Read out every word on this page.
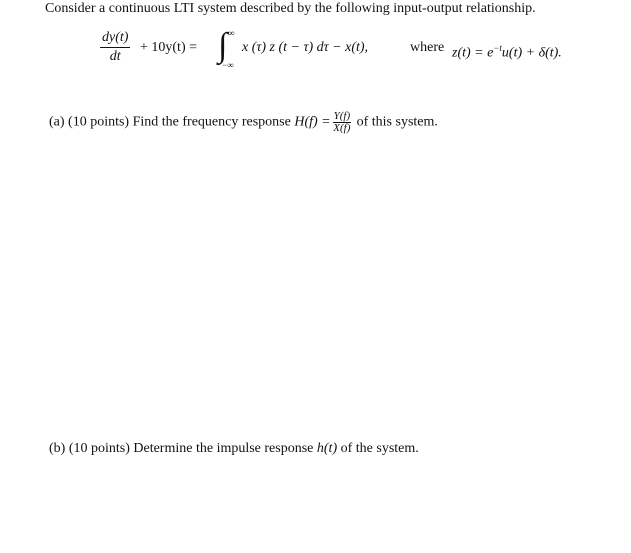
Consider a continuous LTI system described by the following input-output relationship.
$\frac{dy(t)}{dt} + 10y(t)$ = ∫ ∞
−∞
x (τ) z (t − τ) dτ − x(t),	where $z(t) = e^{-t}u(t) + \delta(t)$.
(a) (10 points) Find the frequency response $H(f) = \frac{Y(f)}{X(f)}$ of this system.
(b) (10 points) Determine the impulse response h(t) of the system.
